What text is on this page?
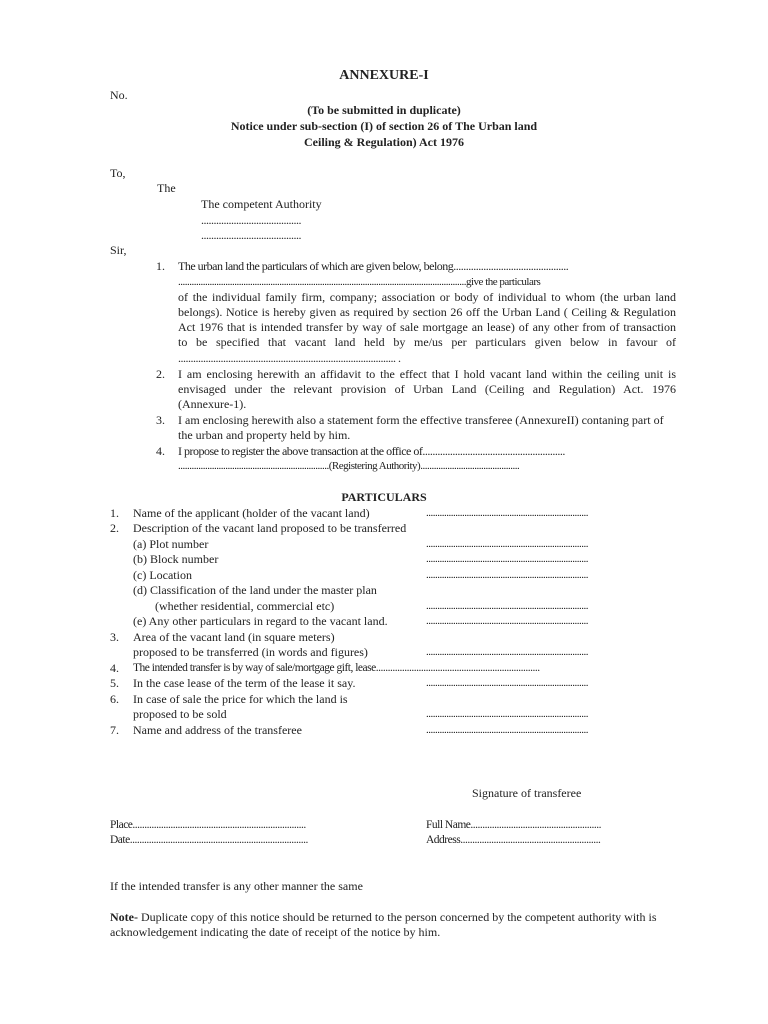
ANNEXURE-I
No.
(To be submitted in duplicate)
Notice under sub-section (I) of section 26 of The Urban land
Ceiling & Regulation) Act 1976
To,
The
The competent Authority
........................................
........................................
Sir,
1. The urban land the particulars of which are given below, belong..............................................
................................................................................................................................give the particulars
of the individual family firm, company; association or body of individual to whom (the urban land
belongs). Notice is hereby given as required by section 26 off the Urban Land ( Ceiling & Regulation
Act 1976 that is intended transfer by way of sale mortgage an lease) of any other from of transaction
to be specified that vacant land held by me/us per particulars given below in favour of
....................................................................................... .
2. I am enclosing herewith an affidavit to the effect that I hold vacant land within the ceiling unit is
envisaged under the relevant provision of Urban Land (Ceiling and Regulation) Act. 1976
(Annexure-1).
3. I am enclosing herewith also a statement form the effective transferee (AnnexureII) contaning part of
the urban and property held by him.
4. I propose to register the above transaction at the office of.........................................................
...................................................................(Registering Authority)............................................
PARTICULARS
1. Name of the applicant (holder of the vacant land)	........................................................................
2. Description of the vacant land proposed to be transferred
(a) Plot number	........................................................................
(b) Block number	........................................................................
(c) Location	........................................................................
(d) Classification of the land under the master plan
(whether residential, commercial etc)	........................................................................
(e) Any other particulars in regard to the vacant land.	........................................................................
3. Area of the vacant land (in square meters)
proposed to be transferred (in words and figures)	........................................................................
4. The intended transfer is by way of sale/mortgage gift, lease.....................................................................
5. In the case lease of the term of the lease it say.	........................................................................
6. In case of sale the price for which the land is
proposed to be sold	........................................................................
7. Name and address of the transferee	........................................................................
Signature of transferee
Place.........................................................................
Date...........................................................................
Full Name.......................................................
Address...........................................................
If the intended transfer is any other manner the same
Note- Duplicate copy of this notice should be returned to the person concerned by the competent authority with is
acknowledgement indicating the date of receipt of the notice by him.
